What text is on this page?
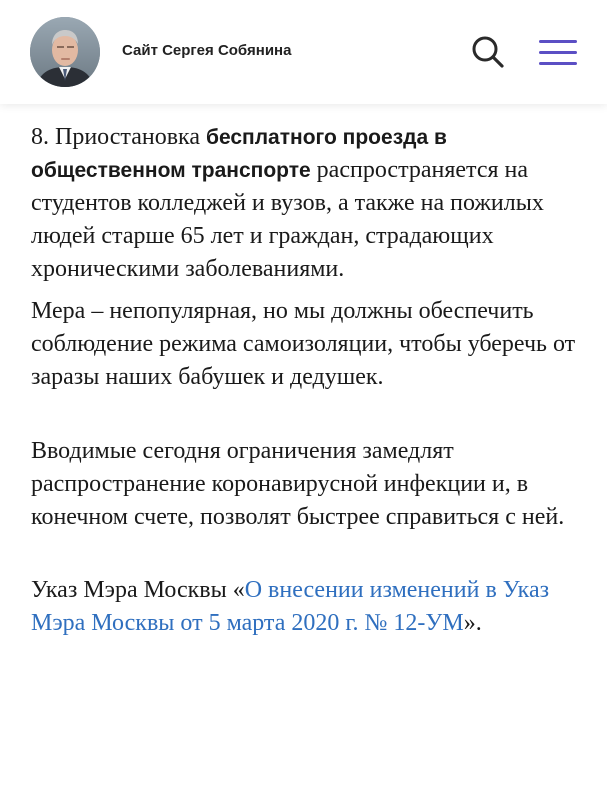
Сайт Сергея Собянина

8. Приостановка бесплатного проезда в общественном транспорте распространяется на студентов колледжей и вузов, а также на пожилых людей старше 65 лет и граждан, страдающих хроническими заболеваниями.

Мера – непопулярная, но мы должны обеспечить соблюдение режима самоизоляции, чтобы уберечь от заразы наших бабушек и дедушек.

Вводимые сегодня ограничения замедлят распространение коронавирусной инфекции и, в конечном счете, позволят быстрее справиться с ней.

Указ Мэра Москвы «О внесении изменений в Указ Мэра Москвы от 5 марта 2020 г. № 12-УМ».
